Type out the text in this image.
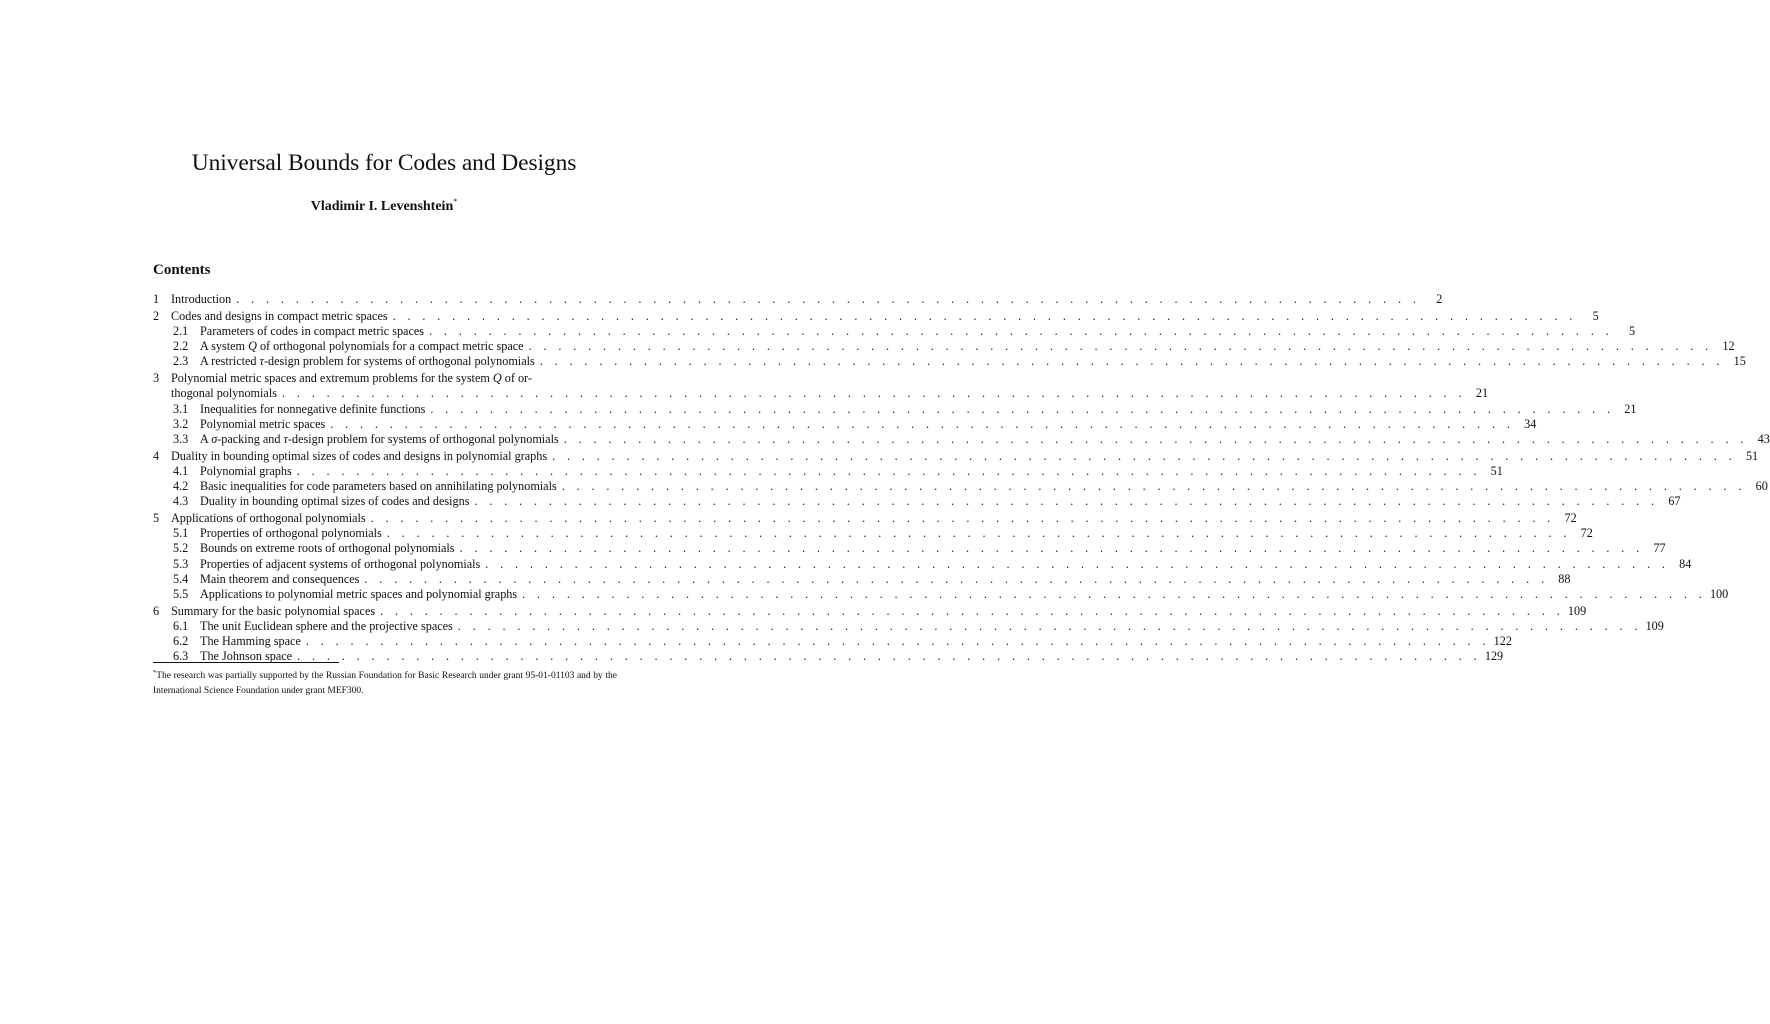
Universal Bounds for Codes and Designs
Vladimir I. Levenshtein*
Contents
1 Introduction . . . . . . . . . . . . . . . . . . . . . . . . . . . . . . . . . . . . . . . . . . . . . . . . . . . . . . . . . . . . . . . . . . . . . . . . . . . . . . . .	2
2 Codes and designs in compact metric spaces . . . . . . . . . . . . . . . . . . . . . . . . . . . . . . . . . . . . . . . . . . . . . . . . . . . . . . . . . . . . . . . . . . . . . . . . . . . . . . . .	5
2.1 Parameters of codes in compact metric spaces . . . . . . . . . . . . . . . . . . . . . . . . . . . . . . . . . . . . . . . . . . . . . . . . . . . . . . . . . . . . . . . . . . . . . . . . . . . . . . . .	5
2.2 A system Q of orthogonal polynomials for a compact metric space . . . . . . . . . . . . . . . . . . . . . . . . . . . . . . . . . . . . . . . . . . . . . . . . . . . . . . . . . . . . . . . . . . . . . . . . . . . . . . . . 12
2.3 A restricted τ-design problem for systems of orthogonal polynomials . . . . . . . . . . . . . . . . . . . . . . . . . . . . . . . . . . . . . . . . . . . . . . . . . . . . . . . . . . . . . . . . . . . . . . . . . . . . . . . . 15
3 Polynomial metric spaces and extremum problems for the system Q of or-
thogonal polynomials . . . . . . . . . . . . . . . . . . . . . . . . . . . . . . . . . . . . . . . . . . . . . . . . . . . . . . . . . . . . . . . . . . . . . . . . . . . . . . . . 21
3.1 Inequalities for nonnegative definite functions . . . . . . . . . . . . . . . . . . . . . . . . . . . . . . . . . . . . . . . . . . . . . . . . . . . . . . . . . . . . . . . . . . . . . . . . . . . . . . . . 21
3.2 Polynomial metric spaces . . . . . . . . . . . . . . . . . . . . . . . . . . . . . . . . . . . . . . . . . . . . . . . . . . . . . . . . . . . . . . . . . . . . . . . . . . . . . . . . 34
3.3 A σ-packing and τ-design problem for systems of orthogonal polynomials . . . . . . . . . . . . . . . . . . . . . . . . . . . . . . . . . . . . . . . . . . . . . . . . . . . . . . . . . . . . . . . . . . . . . . . . . . . . . . . . 43
4 Duality in bounding optimal sizes of codes and designs in polynomial graphs . . . . . . . . . . . . . . . . . . . . . . . . . . . . . . . . . . . . . . . . . . . . . . . . . . . . . . . . . . . . . . . . . . . . . . . . . . . . . . . . 51
4.1 Polynomial graphs . . . . . . . . . . . . . . . . . . . . . . . . . . . . . . . . . . . . . . . . . . . . . . . . . . . . . . . . . . . . . . . . . . . . . . . . . . . . . . . . 51
4.2 Basic inequalities for code parameters based on annihilating polynomials . . . . . . . . . . . . . . . . . . . . . . . . . . . . . . . . . . . . . . . . . . . . . . . . . . . . . . . . . . . . . . . . . . . . . . . . . . . . . . . . 60
4.3 Duality in bounding optimal sizes of codes and designs . . . . . . . . . . . . . . . . . . . . . . . . . . . . . . . . . . . . . . . . . . . . . . . . . . . . . . . . . . . . . . . . . . . . . . . . . . . . . . . . 67
5 Applications of orthogonal polynomials . . . . . . . . . . . . . . . . . . . . . . . . . . . . . . . . . . . . . . . . . . . . . . . . . . . . . . . . . . . . . . . . . . . . . . . . . . . . . . . . 72
5.1 Properties of orthogonal polynomials . . . . . . . . . . . . . . . . . . . . . . . . . . . . . . . . . . . . . . . . . . . . . . . . . . . . . . . . . . . . . . . . . . . . . . . . . . . . . . . . 72
5.2 Bounds on extreme roots of orthogonal polynomials . . . . . . . . . . . . . . . . . . . . . . . . . . . . . . . . . . . . . . . . . . . . . . . . . . . . . . . . . . . . . . . . . . . . . . . . . . . . . . . . 77
5.3 Properties of adjacent systems of orthogonal polynomials . . . . . . . . . . . . . . . . . . . . . . . . . . . . . . . . . . . . . . . . . . . . . . . . . . . . . . . . . . . . . . . . . . . . . . . . . . . . . . . . 84
5.4 Main theorem and consequences . . . . . . . . . . . . . . . . . . . . . . . . . . . . . . . . . . . . . . . . . . . . . . . . . . . . . . . . . . . . . . . . . . . . . . . . . . . . . . . . 88
5.5 Applications to polynomial metric spaces and polynomial graphs . . . . . . . . . . . . . . . . . . . . . . . . . . . . . . . . . . . . . . . . . . . . . . . . . . . . . . . . . . . . . . . . . . . . . . . . . . . . . . . . 100
6 Summary for the basic polynomial spaces . . . . . . . . . . . . . . . . . . . . . . . . . . . . . . . . . . . . . . . . . . . . . . . . . . . . . . . . . . . . . . . . . . . . . . . . . . . . . . . . 109
6.1 The unit Euclidean sphere and the projective spaces . . . . . . . . . . . . . . . . . . . . . . . . . . . . . . . . . . . . . . . . . . . . . . . . . . . . . . . . . . . . . . . . . . . . . . . . . . . . . . . . 109
6.2 The Hamming space . . . . . . . . . . . . . . . . . . . . . . . . . . . . . . . . . . . . . . . . . . . . . . . . . . . . . . . . . . . . . . . . . . . . . . . . . . . . . . . . 122
6.3 The Johnson space . . . . . . . . . . . . . . . . . . . . . . . . . . . . . . . . . . . . . . . . . . . . . . . . . . . . . . . . . . . . . . . . . . . . . . . . . . . . . . . . 129
*The research was partially supported by the Russian Foundation for Basic Research under grant 95-01-01103 and by the International Science Foundation under grant MEF300.
